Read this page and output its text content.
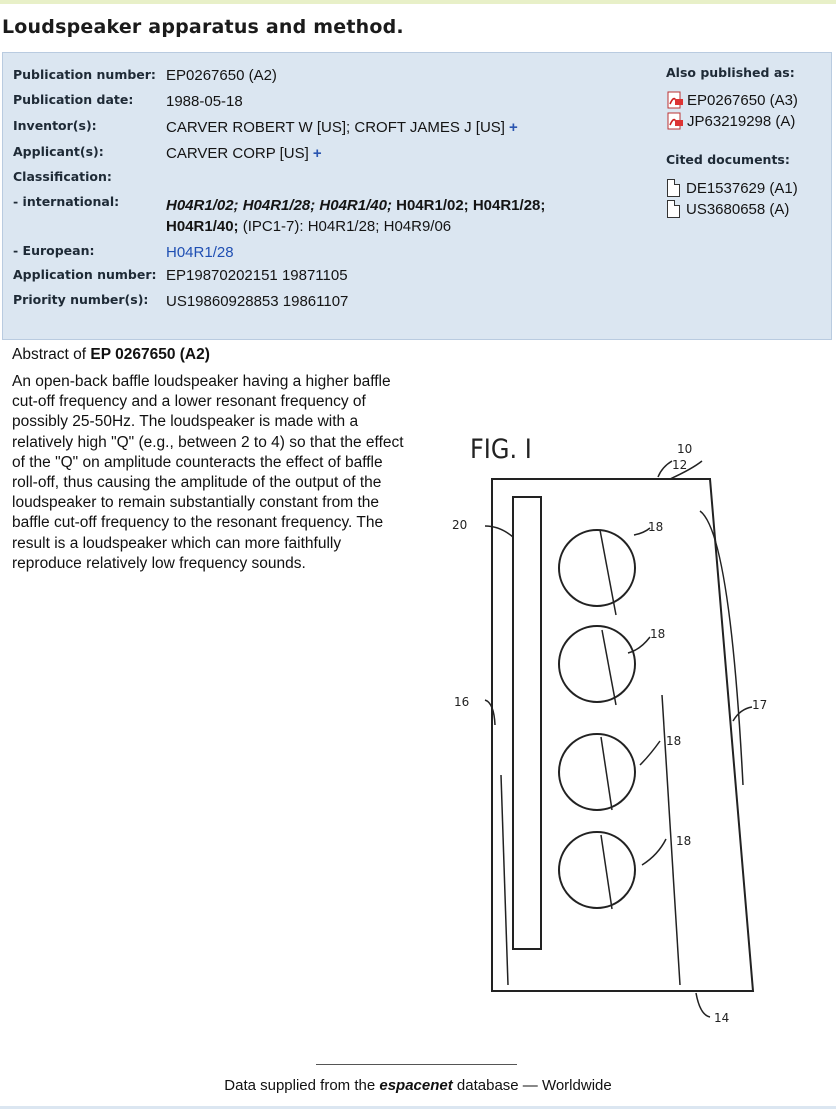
Loudspeaker apparatus and method.
Publication number: EP0267650 (A2)
Publication date: 1988-05-18
Inventor(s):	CARVER ROBERT W [US]; CROFT JAMES J [US] +
Applicant(s):	CARVER CORP [US] +
Classification:
- international:	H04R1/02; H04R1/28; H04R1/40; H04R1/02; H04R1/28;
H04R1/40; (IPC1-7): H04R1/28; H04R9/06
- European:	H04R1/28
Application number: EP19870202151 19871105
Priority number(s): US19860928853 19861107
Also published as:
EP0267650 (A3)
JP63219298 (A)
Cited documents:
DE1537629 (A1)
US3680658 (A)
Abstract of EP 0267650 (A2)
An open-back baffle loudspeaker having a higher baffle cut-off frequency and a lower resonant frequency of possibly 25-50Hz. The loudspeaker is made with a relatively high "Q" (e.g., between 2 to 4) so that the effect of the "Q" on amplitude counteracts the effect of baffle roll-off, thus causing the amplitude of the output of the loudspeaker to remain substantially constant from the baffle cut-off frequency to the resonant frequency. The result is a loudspeaker which can more faithfully reproduce relatively low frequency sounds.
FIG. I	10
12
20	18
18
16	17
18
18
14
Data supplied from the espacenet database — Worldwide
